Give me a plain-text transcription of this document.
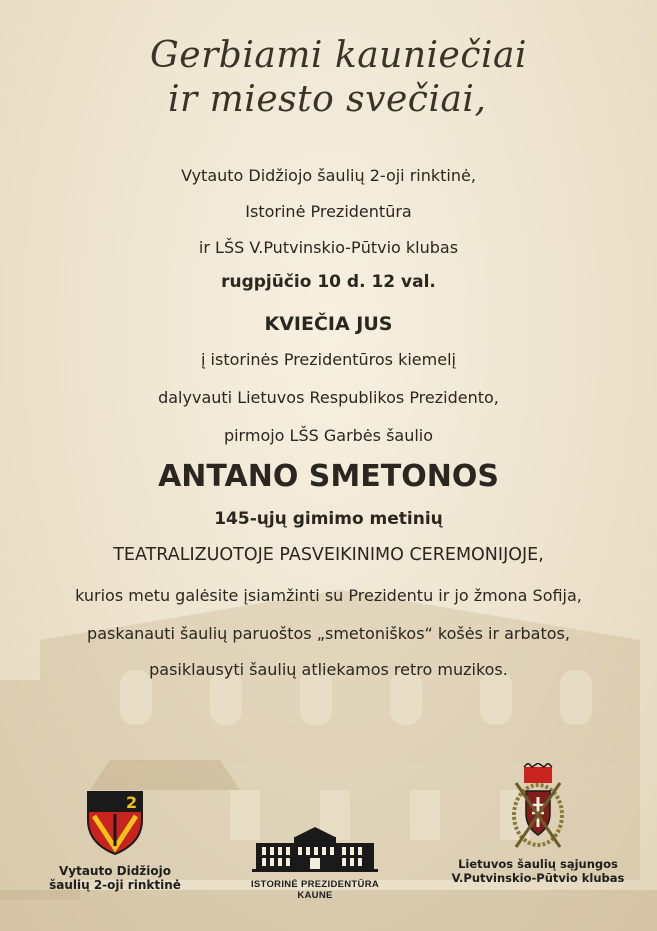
Gerbiami kauniečiai
ir miesto svečiai,
Vytauto Didžiojo šaulių 2-oji rinktinė,
Istorinė Prezidentūra
ir LŠS V.Putvinskio-Pūtvio klubas
rugpjūčio 10 d. 12 val.
KVIEČIA JUS
į istorinės Prezidentūros kiemelį
dalyvauti Lietuvos Respublikos Prezidento,
pirmojo LŠS Garbės šaulio
ANTANO SMETONOS
145-ųjų gimimo metinių
TEATRALIZUOTOJE PASVEIKINIMO CEREMONIJOJE,
kurios metu galėsite įsiamžinti su Prezidentu ir jo žmona Sofija,
paskanauti šaulių paruoštos „smetoniškos“ košės ir arbatos,
pasiklausyti šaulių atliekamos retro muzikos.
2
Vytauto Didžiojo
šaulių 2-oji rinktinė	ISTORINĖ PREZIDENTŪRA KAUNE
Lietuvos šaulių sąjungos
V.Putvinskio-Pūtvio klubas
